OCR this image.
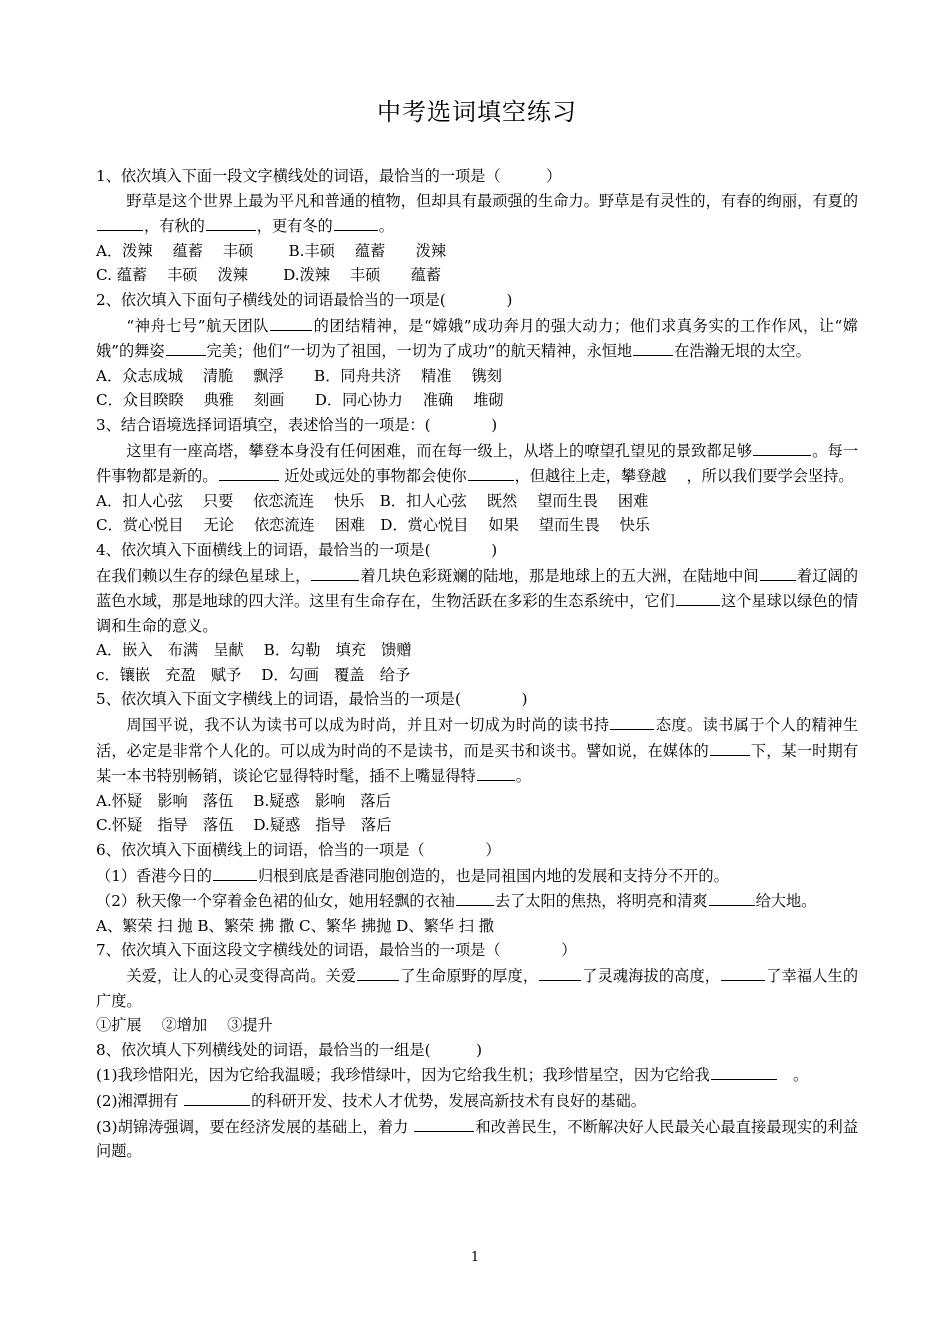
中考选词填空练习
1、依次填入下面一段文字横线处的词语，最恰当的一项是（　　　）
野草是这个世界上最为平凡和普通的植物，但却具有最顽强的生命力。野草是有灵性的，有春的绚丽，有夏的，有秋的	，更有冬的	。
A．泼辣　 蕴蓄　 丰硕　　 B.丰硕　 蕴蓄　　泼辣
C. 蕴蓄　 丰硕　 泼辣　　 D.泼辣　 丰硕　　蕴蓄
2、依次填入下面句子横线处的词语最恰当的一项是(　　　　)
“神舟七号”航天团队	的团结精神，是“嫦娥”成功奔月的强大动力；他们求真务实的工作作风，让“嫦娥”的舞姿	完美；他们“一切为了祖国，一切为了成功”的航天精神，永恒地	在浩瀚无垠的太空。
A．众志成城　 清脆　 飘浮　　B．同舟共济　 精准　 镌刻
C．众目睽睽　 典雅　 刻画　　D．同心协力　 准确　 堆砌
3、结合语境选择词语填空，表述恰当的一项是：(　　　　)
这里有一座高塔，攀登本身没有任何困难，而在每一级上，从塔上的嘹望孔望见的景致都足够	。每一件事物都是新的。	近处或远处的事物都会使你	，但越往上走，攀登越　 ，所以我们要学会坚持。
A．扣人心弦　 只要　 依恋流连　 快乐　B．扣人心弦　 既然　 望而生畏　 困难
C．赏心悦目　 无论　 依恋流连　 困难　D．赏心悦目　 如果　 望而生畏　 快乐
4、依次填入下面横线上的词语，最恰当的一项是(　　　　)
在我们赖以生存的绿色星球上，	着几块色彩斑斓的陆地，那是地球上的五大洲，在陆地中间	着辽阔的蓝色水域，那是地球的四大洋。这里有生命存在，生物活跃在多彩的生态系统中，它们	这个星球以绿色的情调和生命的意义。
A．嵌入　布满　呈献　 B．勾勒　填充　馈赠
c．镶嵌　充盈　赋予　 D．勾画　覆盖　给予
5、依次填入下面文字横线上的词语，最恰当的一项是(　　　　)
周国平说，我不认为读书可以成为时尚，并且对一切成为时尚的读书持	态度。读书属于个人的精神生活，必定是非常个人化的。可以成为时尚的不是读书，而是买书和谈书。譬如说，在媒体的	下，某一时期有某一本书特别畅销，谈论它显得特时髦，插不上嘴显得特	。
A.怀疑　影响　落伍　 B.疑惑　影响　落后
C.怀疑　指导　落伍　 D.疑惑　指导　落后
6、依次填入下面横线上的词语，恰当的一项是（　　　　）
（1）香港今日的	归根到底是香港同胞创造的，也是同祖国内地的发展和支持分不开的。
（2）秋天像一个穿着金色裙的仙女，她用轻飘的衣袖	去了太阳的焦热，将明亮和清爽	给大地。
A、繁荣 扫 抛 B、繁荣 拂 撒 C、繁华 拂抛 D、繁华 扫 撒
7、依次填入下面这段文字横线处的词语，最恰当的一项是（　　　　）
关爱，让人的心灵变得高尚。关爱	了生命原野的厚度，	了灵魂海拔的高度，	了幸福人生的广度。
①扩展　 ②增加　 ③提升
8、依次填人下列横线处的词语，最恰当的一组是(　　　)
(1)我珍惜阳光，因为它给我温暖；我珍惜绿叶，因为它给我生机；我珍惜星空，因为它给我	　。
(2)湘潭拥有	的科研开发、技术人才优势，发展高新技术有良好的基础。
(3)胡锦涛强调，要在经济发展的基础上，着力	和改善民生，不断解决好人民最关心最直接最现实的利益问题。
1
